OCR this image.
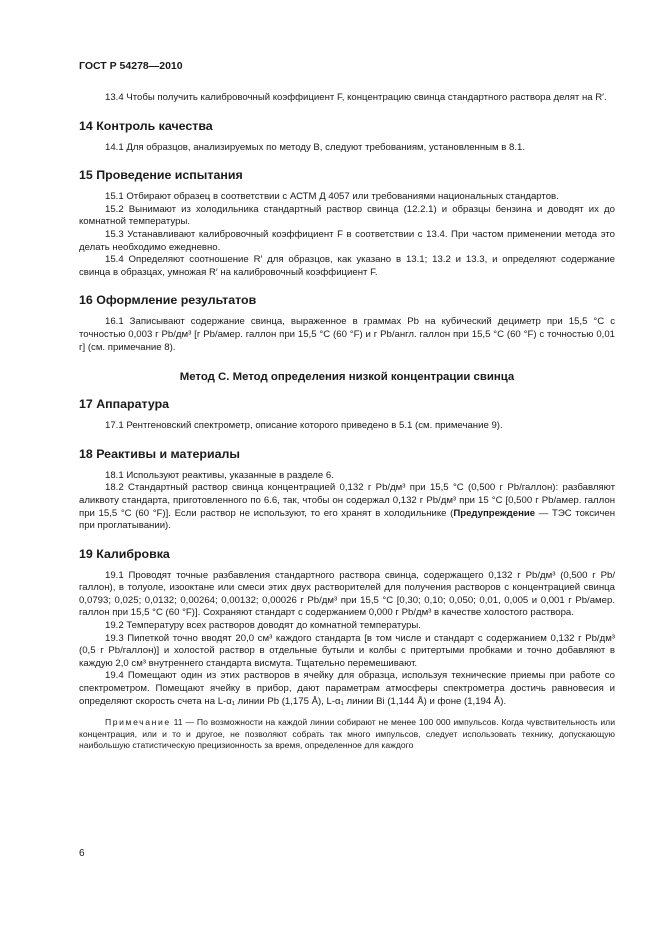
ГОСТ Р 54278—2010

13.4 Чтобы получить калибровочный коэффициент F, концентрацию свинца стандартного раствора делят на R′.

14 Контроль качества

14.1 Для образцов, анализируемых по методу В, следуют требованиям, установленным в 8.1.

15 Проведение испытания

15.1 Отбирают образец в соответствии с АСТМ Д 4057 или требованиями национальных стандартов.

15.2 Вынимают из холодильника стандартный раствор свинца (12.2.1) и образцы бензина и доводят их до комнатной температуры.

15.3 Устанавливают калибровочный коэффициент F в соответствии с 13.4. При частом применении метода это делать необходимо ежедневно.

15.4 Определяют соотношение R′ для образцов, как указано в 13.1; 13.2 и 13.3, и определяют содержание свинца в образцах, умножая R′ на калибровочный коэффициент F.

16 Оформление результатов

16.1 Записывают содержание свинца, выраженное в граммах Pb на кубический дециметр при 15,5 °С с точностью 0,003 г Pb/дм³ [г Pb/амер. галлон при 15,5 °С (60 °F) и г Pb/англ. галлон при 15,5 °С (60 °F) с точностью 0,01 г] (см. примечание 8).

Метод С. Метод определения низкой концентрации свинца
17 Аппаратура

17.1 Рентгеновский спектрометр, описание которого приведено в 5.1 (см. примечание 9).

18 Реактивы и материалы

18.1 Используют реактивы, указанные в разделе 6.

18.2 Стандартный раствор свинца концентрацией 0,132 г Pb/дм³ при 15,5 °С (0,500 г Pb/галлон): разбавляют аликвоту стандарта, приготовленного по 6.6, так, чтобы он содержал 0,132 г Pb/дм³ при 15 °С [0,500 г Pb/амер. галлон при 15,5 °С (60 °F)]. Если раствор не используют, то его хранят в холодильнике (Предупреждение — ТЭС токсичен при проглатывании).

19 Калибровка

19.1 Проводят точные разбавления стандартного раствора свинца, содержащего 0,132 г Pb/дм³ (0,500 г Pb/галлон), в толуоле, изооктане или смеси этих двух растворителей для получения растворов с концентрацией свинца 0,0793; 0,025; 0,0132; 0,00264; 0,00132; 0,00026 г Pb/дм³ при 15,5 °С [0,30; 0,10; 0,050; 0,01, 0,005 и 0,001 г Pb/амер. галлон при 15,5 °С (60 °F)]. Сохраняют стандарт с содержанием 0,000 г Pb/дм³ в качестве холостого раствора.

19.2 Температуру всех растворов доводят до комнатной температуры.

19.3 Пипеткой точно вводят 20,0 см³ каждого стандарта [в том числе и стандарт с содержанием 0,132 г Pb/дм³ (0,5 г Pb/галлон)] и холостой раствор в отдельные бутыли и колбы с притертыми пробками и точно добавляют в каждую 2,0 см³ внутреннего стандарта висмута. Тщательно перемешивают.

19.4 Помещают один из этих растворов в ячейку для образца, используя технические приемы при работе со спектрометром. Помещают ячейку в прибор, дают параметрам атмосферы спектрометра достичь равновесия и определяют скорость счета на L-α₁ линии Pb (1,175 Å), L-α₁ линии Bi (1,144 Å) и фоне (1,194 Å).

Примечание 11 — По возможности на каждой линии собирают не менее 100 000 импульсов. Когда чувствительность или концентрация, или и то и другое, не позволяют собрать так много импульсов, следует использовать технику, допускающую наибольшую статистическую прецизионность за время, определенное для каждого

6
